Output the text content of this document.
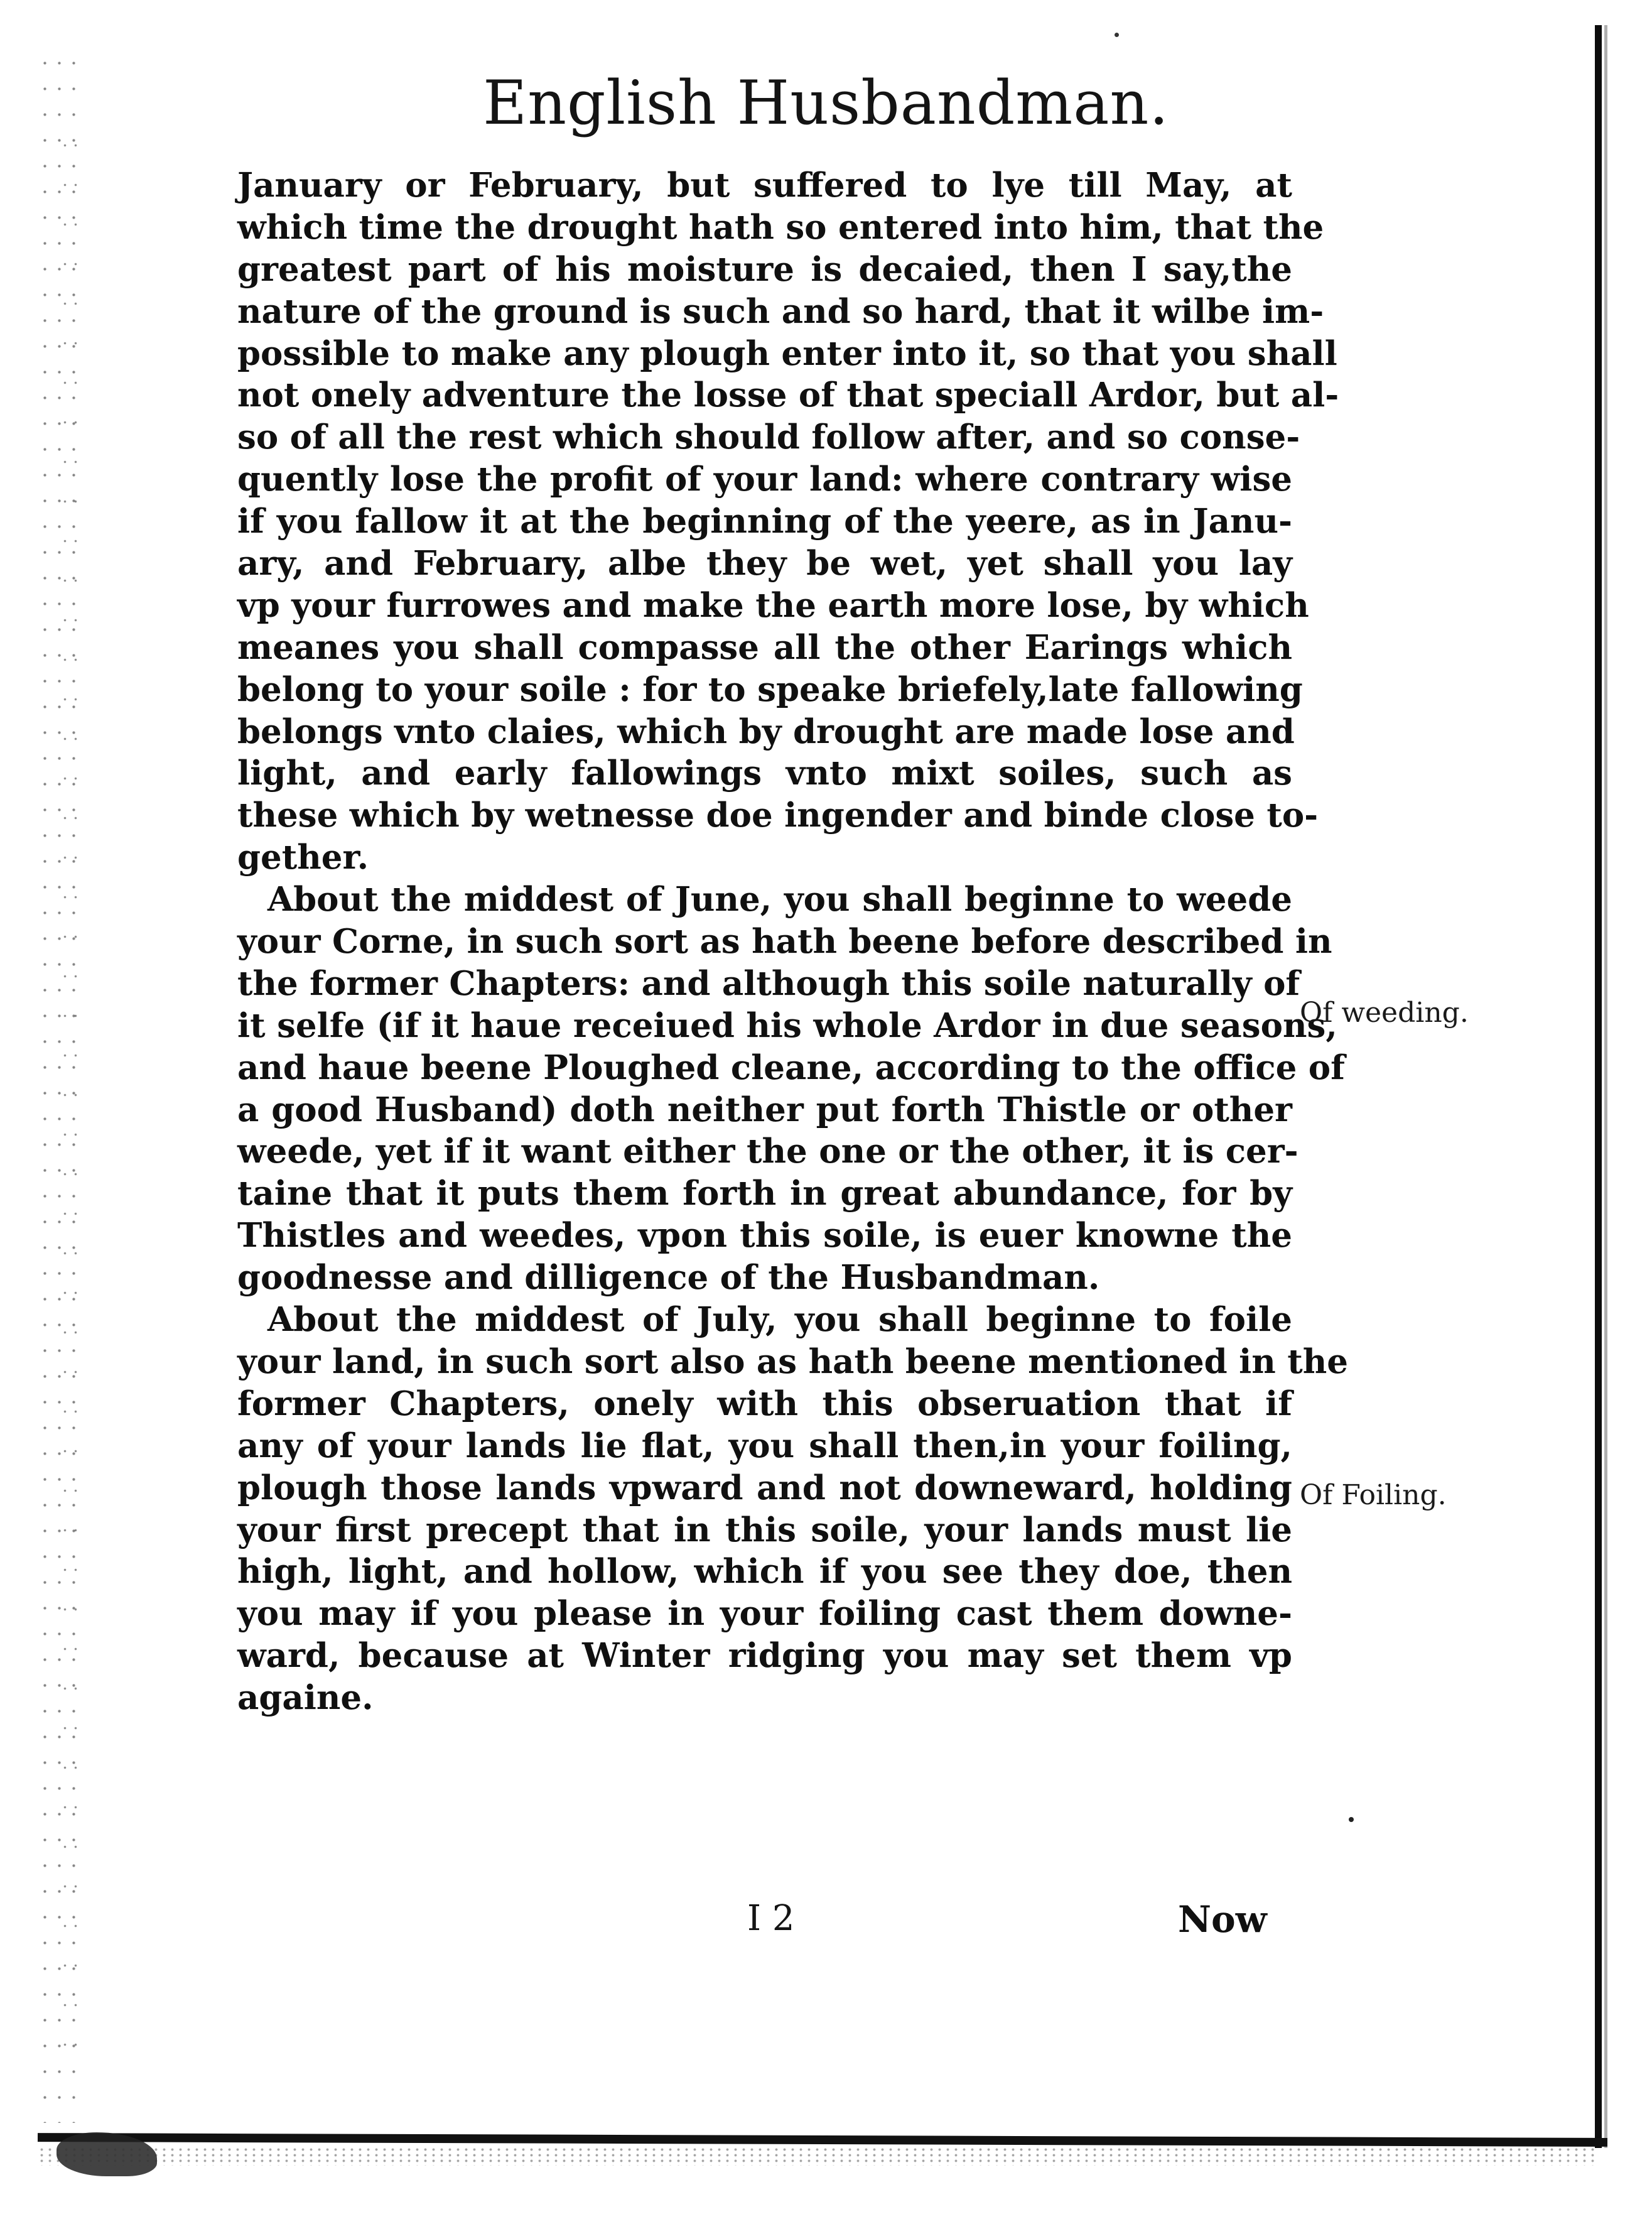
English Husbandman.
January or February, but suffered to lye till May, at
which time the drought hath so entered into him, that the
greatest part of his moisture is decaied, then I say,the
nature of the ground is such and so hard, that it wilbe im-
possible to make any plough enter into it, so that you shall
not onely adventure the losse of that speciall Ardor, but al-
so of all the rest which should follow after, and so conse-
quently lose the profit of your land: where contrary wise
if you fallow it at the beginning of the yeere, as in Janu-
ary, and February, albe they be wet, yet shall you lay
vp your furrowes and make the earth more lose, by which
meanes you shall compasse all the other Earings which
belong to your soile : for to speake briefely,late fallowing
belongs vnto claies, which by drought are made lose and
light, and early fallowings vnto mixt soiles, such as
these which by wetnesse doe ingender and binde close to-
gether.
About the middest of June, you shall beginne to weede
your Corne, in such sort as hath beene before described in
the former Chapters: and although this soile naturally of
it selfe (if it haue receiued his whole Ardor in due seasons,
and haue beene Ploughed cleane, according to the office of
a good Husband) doth neither put forth Thistle or other
weede, yet if it want either the one or the other, it is cer-
taine that it puts them forth in great abundance, for by
Thistles and weedes, vpon this soile, is euer knowne the
goodnesse and dilligence of the Husbandman.
About the middest of July, you shall beginne to foile
your land, in such sort also as hath beene mentioned in the
former Chapters, onely with this obseruation that if
any of your lands lie flat, you shall then,in your foiling,
plough those lands vpward and not downeward, holding
your first precept that in this soile, your lands must lie
high, light, and hollow, which if you see they doe, then
you may if you please in your foiling cast them downe-
ward, because at Winter ridging you may set them vp
againe.
Of weeding.
Of Foiling.
I 2	Now
